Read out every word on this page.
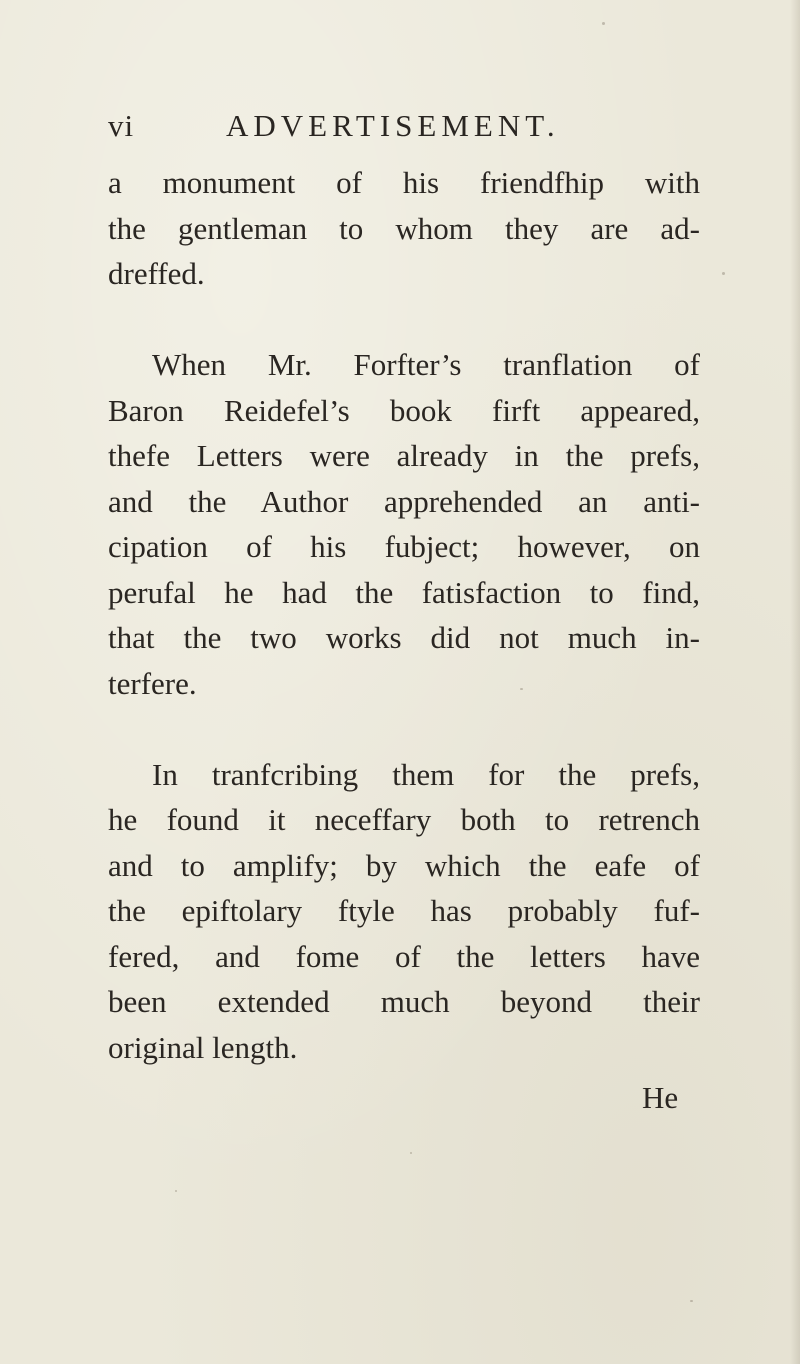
vi	ADVERTISEMENT.
a monument of his friendfhip with
the gentleman to whom they are ad-
dreffed.
When Mr. Forfter’s tranflation of
Baron Reidefel’s book firft appeared,
thefe Letters were already in the prefs,
and the Author apprehended an anti-
cipation of his fubject; however, on
perufal he had the fatisfaction to find,
that the two works did not much in-
terfere.
In tranfcribing them for the prefs,
he found it neceffary both to retrench
and to amplify; by which the eafe of
the epiftolary ftyle has probably fuf-
fered, and fome of the letters have
been extended much beyond their
original length.
He
